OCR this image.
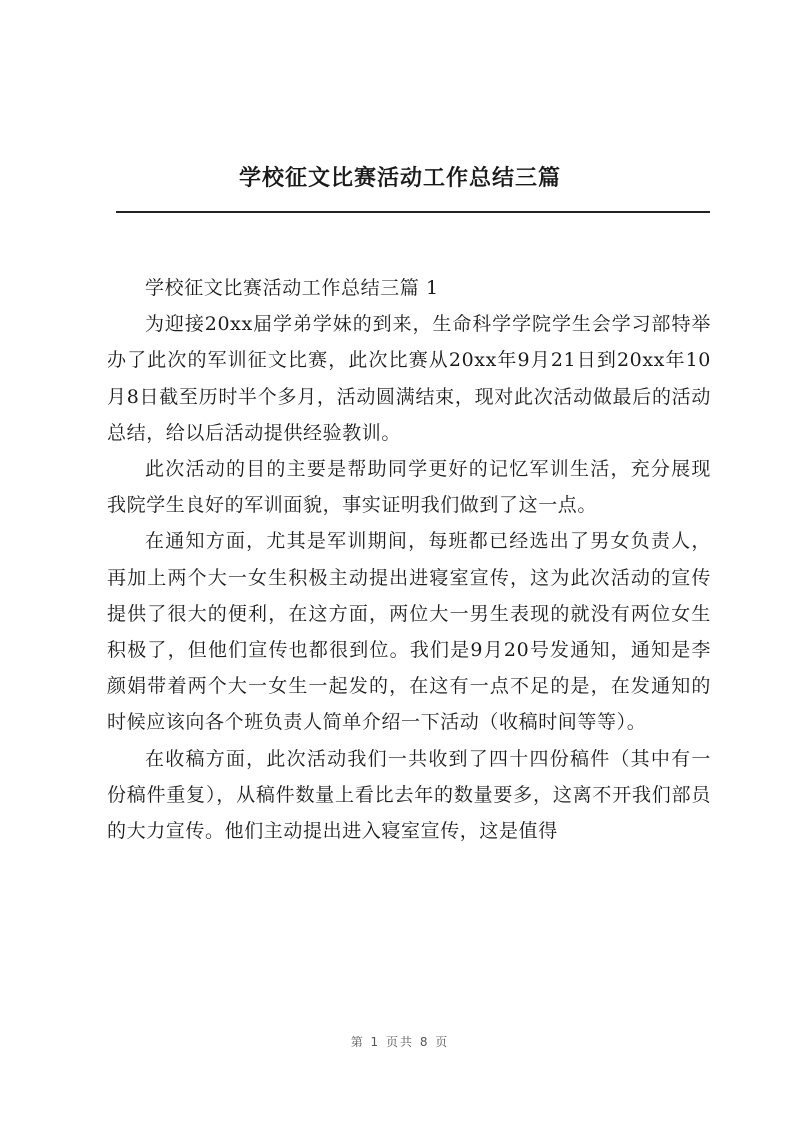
学校征文比赛活动工作总结三篇

学校征文比赛活动工作总结三篇 1

为迎接20xx届学弟学妹的到来，生命科学学院学生会学习部特举办了此次的军训征文比赛，此次比赛从20xx年9月21日到20xx年10月8日截至历时半个多月，活动圆满结束，现对此次活动做最后的活动总结，给以后活动提供经验教训。

此次活动的目的主要是帮助同学更好的记忆军训生活，充分展现我院学生良好的军训面貌，事实证明我们做到了这一点。

在通知方面，尤其是军训期间，每班都已经选出了男女负责人，再加上两个大一女生积极主动提出进寝室宣传，这为此次活动的宣传提供了很大的便利，在这方面，两位大一男生表现的就没有两位女生积极了，但他们宣传也都很到位。我们是9月20号发通知，通知是李颜娟带着两个大一女生一起发的，在这有一点不足的是，在发通知的时候应该向各个班负责人简单介绍一下活动（收稿时间等等）。

在收稿方面，此次活动我们一共收到了四十四份稿件（其中有一份稿件重复），从稿件数量上看比去年的数量要多，这离不开我们部员的大力宣传。他们主动提出进入寝室宣传，这是值得

第 1 页共 8 页
